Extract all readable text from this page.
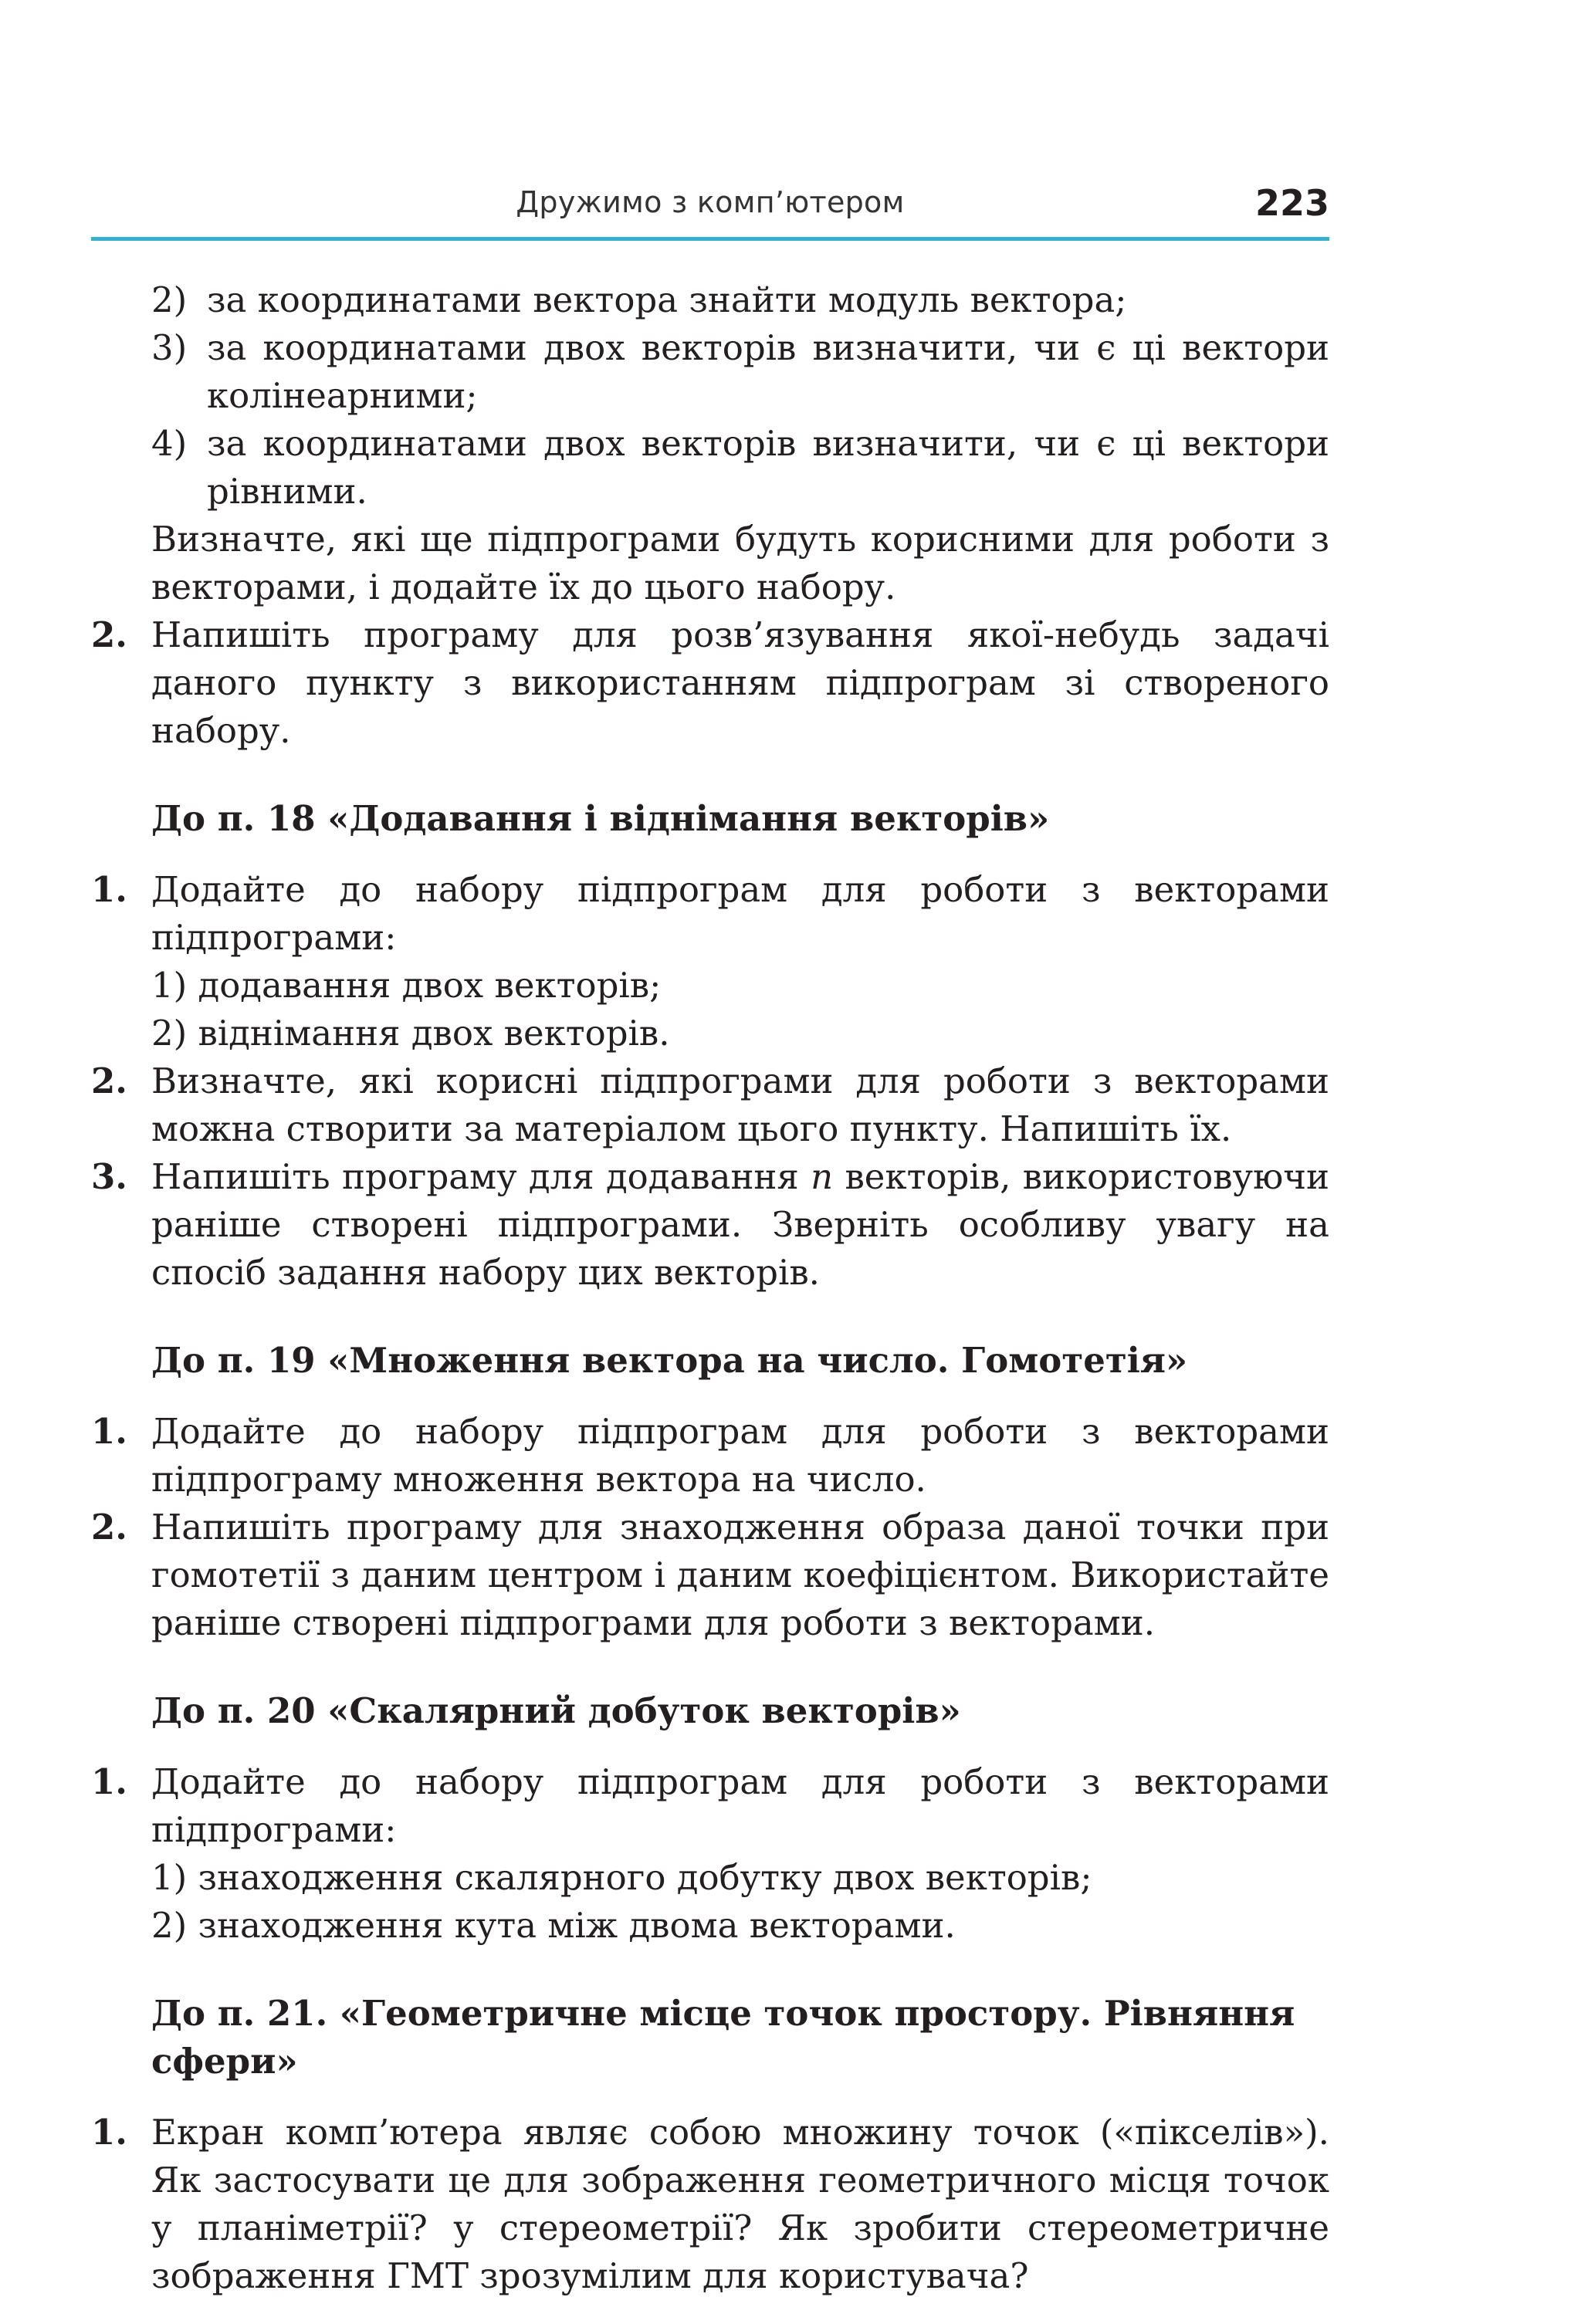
Дружимо з комп’ютером	223
2) за координатами вектора знайти модуль вектора;
3) за координатами двох векторів визначити, чи є ці вектори колінеарними;
4) за координатами двох векторів визначити, чи є ці вектори рівними.
Визначте, які ще підпрограми будуть корисними для роботи з векторами, і додайте їх до цього набору.
2. Напишіть програму для розв’язування якої-небудь задачі даного пункту з використанням підпрограм зі створеного набору.
До п. 18 «Додавання і віднімання векторів»
1. Додайте до набору підпрограм для роботи з векторами підпрограми:
1) додавання двох векторів;
2) віднімання двох векторів.
2. Визначте, які корисні підпрограми для роботи з векторами можна створити за матеріалом цього пункту. Напишіть їх.
3. Напишіть програму для додавання n векторів, використовуючи раніше створені підпрограми. Зверніть особливу увагу на спосіб задання набору цих векторів.
До п. 19 «Множення вектора на число. Гомотетія»
1. Додайте до набору підпрограм для роботи з векторами підпрограму множення вектора на число.
2. Напишіть програму для знаходження образа даної точки при гомотетії з даним центром і даним коефіцієнтом. Використайте раніше створені підпрограми для роботи з векторами.
До п. 20 «Скалярний добуток векторів»
1. Додайте до набору підпрограм для роботи з векторами підпрограми:
1) знаходження скалярного добутку двох векторів;
2) знаходження кута між двома векторами.
До п. 21. «Геометричне місце точок простору. Рівняння сфери»
1. Екран комп’ютера являє собою множину точок («пікселів»). Як застосувати це для зображення геометричного місця точок у планіметрії? у стереометрії? Як зробити стереометричне зображення ГМТ зрозумілим для користувача?
